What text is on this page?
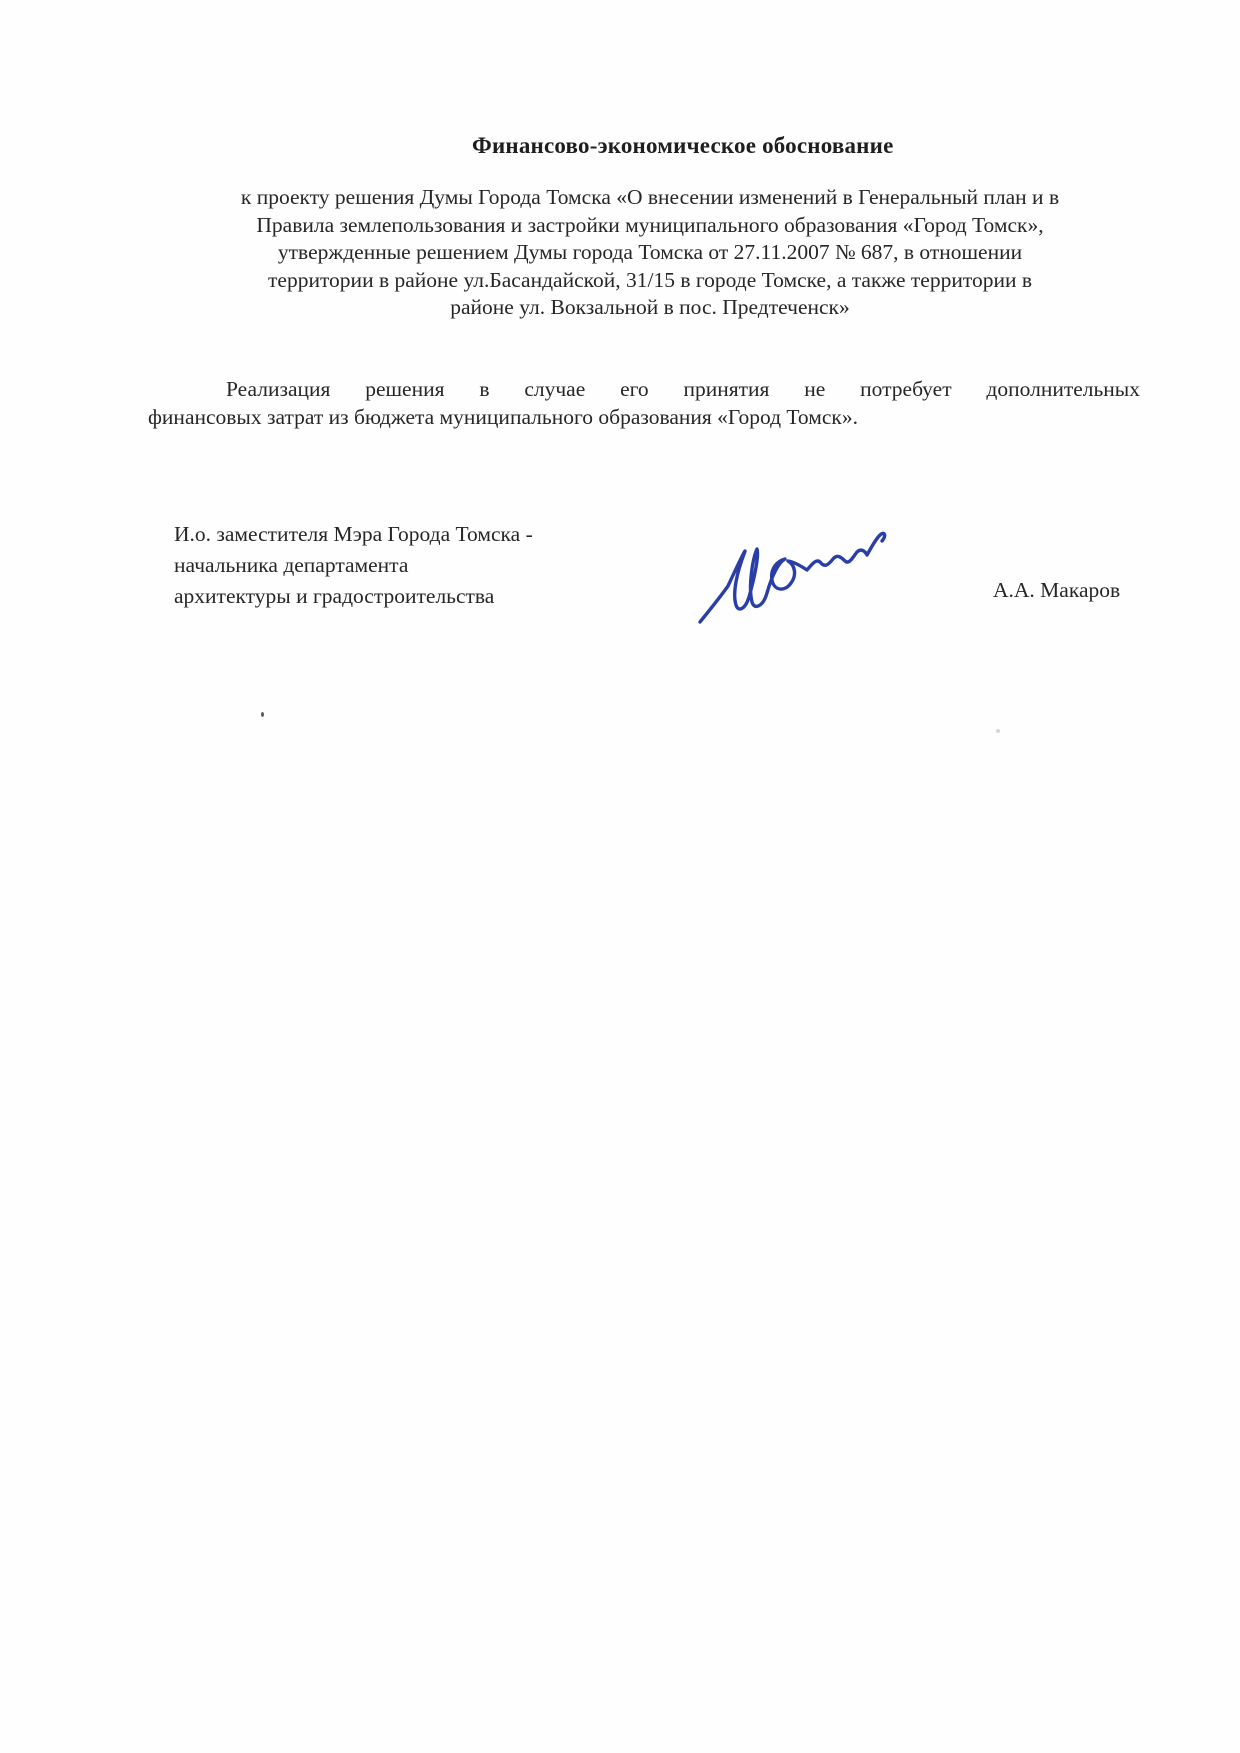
Финансово-экономическое обоснование
к проекту решения Думы Города Томска «О внесении изменений в Генеральный план и в
Правила землепользования и застройки муниципального образования «Город Томск»,
утвержденные решением Думы города Томска от 27.11.2007 № 687, в отношении
территории в районе ул.Басандайской, 31/15 в городе Томске, а также территории в
районе ул. Вокзальной в пос. Предтеченск»
Реализация решения в случае его принятия не потребует дополнительных
финансовых затрат из бюджета муниципального образования «Город Томск».
И.о. заместителя Мэра Города Томска -
начальника департамента
архитектуры и градостроительства	А.А. Макаров
